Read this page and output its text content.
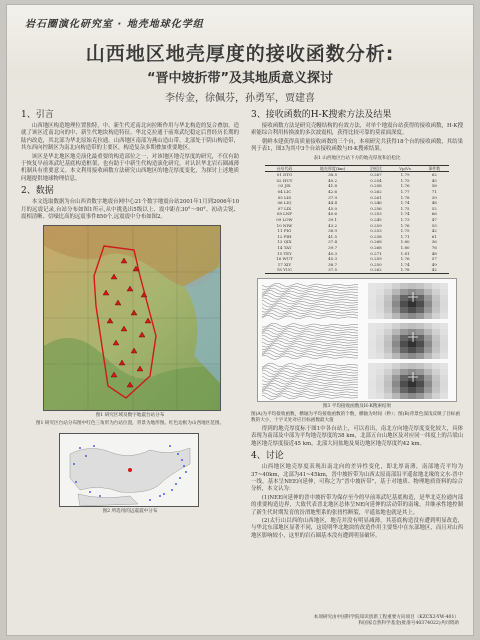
岩石圈演化研究室 · 地壳地球化学组
山西地区地壳厚度的接收函数分析:
“晋中坡折带”及其地质意义探讨
李传金，徐佩芬，孙勇军，贾建喜
1、引言

山西地区构造地理位置独特，中、新生代近南北向拉断作用与华北构造的复合叠加，造就了该区近南北向的中、新生代地块构造特征。华北克拉通于前寒武纪稳定后曾经历长期的陆内改造，其北部为华北原始克拉通。山西地区南部为燕山造山带，北部处于阴山构造带，其东西向控制区为南北向构造带的主要区，构造复杂多期叠加重要地区。

该区是华北地区地壳演化最重要的构造部位之一，对该地区地壳厚度的研究，不仅有助于恢复早前寒武纪基底构造框架，也有助于中新生代构造演化研究，对认识华北岩石圈减薄机制具有重要意义。本文利用接收函数方法研究山西地区的地壳厚度变化，为探讨上述地质问题提供地球物理信息。

2、数据

本文选取数据为台山西省数字地震台网中心21个数字地震台站2001年1月到2006年10月的远震记录,台站分布如图1所示,从中挑选出5级以上、震中距在30°～90°、初动尖锐、震相清晰、信噪比高的远震事件850个,远震震中分布如图2。

图1 研究区域及数字地震台站分布
图1 研究区台站分布图中红色三角形为台站位置，背景为地形图。红色边框为山西地区范围。
图2 所选用的远震震中分布
3、接收函数的H-K搜索方法及结果

接收函数方法是研究壳幔结构的有效方法，对单个地震台站获得的接收函数，H-K搜索能综合利用转换波的多次波震相，获得比较可靠的莫霍面深度。

朝鲜本建获得高质量接收函数的三个台，本项研究共获得18个台的接收函数，其结果列于表1，图3为其中3个台站接收函数与H-K搜索结果。

表1 山西地区台站下方的地壳厚度和泊松比
台站代码	地壳厚度(km)	泊松比	Vp/Vs	事件数
01 DTG	38.5	0.267	1.79	62
02 HUY	40.2	0.254	1.75	45
03 JIX	41.8	0.258	1.76	58
04 LIC	42.6	0.262	1.77	71
05 LIS	37.9	0.261	1.78	39
06 LIQ	44.4	0.246	1.74	48
07 LIX	45.0	0.256	1.75	52
08 LNF	40.6	0.253	1.74	66
09 LOW	39.1	0.245	1.73	47
10 NIW	43.2	0.259	1.76	55
11 PIG	38.9	0.253	1.75	42
12 PIH	41.5	0.238	1.71	61
13 QIX	37.4	0.268	1.80	36
14 TAY	39.7	0.268	1.80	76
15 TEY	40.3	0.271	1.81	48
16 WUT	45.3	0.259	1.76	57
17 XIY	38.7	0.250	1.74	49
18 YUC	37.5	0.262	1.78	42
图3 平均接收函数及H-K搜索结果
图(A)为平均接收函数，横轴为平均接收函数的个数，横轴为时间（秒）；图(B)背景色深浅反映了目标函数的大小，十字叉处对应目标函数最大值

得到的地壳厚度标于图1中各台站上，可以看出，南北方向地壳厚度变化较大，具体表现为南部及中部为平均地壳厚度的38 km，北部五台山地区及对应同一纬度上的吕梁山地区地壳厚度接近45 km，北部大同盆地及周边地区地壳厚度约42 km。

4、讨论

山西地区地壳厚度表现出南北向的差异性变化，即北厚南薄，南部地壳平均为37~40km，北部为41~45km，晋中坡折带为山西太原南部沿平遥盆地北缘的文水-晋中一线，基本呈NEE向延伸，可称之为“晋中坡折带”，基于对地质、物理地质资料的综合分析，本文认为：

(1)NEE向延伸的晋中坡折带为保存至今的早前寒武纪基底构造，是华北克拉通内部的重要构造边界，大致代表晋北地区总体呈NE向延伸的活动带的南缘，并继承性地控制了新生代时期发育的汾渭地堑系的张扭性断裂，平遥盆地也就是其上。

(2)太行山以西的山西地区，地壳并没有明显减薄，其基底构造没有遭到明显改造，与华北东部地区显著不同，这说明华北地块的改造作用主要集中在东部地区，而且对山西地区影响较小，这里的岩石圈基本没有遭到明显破坏。

本项研究由中国科学院知识创新工程重要方向项目（KZCX2-YW-401）
和国家自然科学基金(批准号40374022)共同资助
